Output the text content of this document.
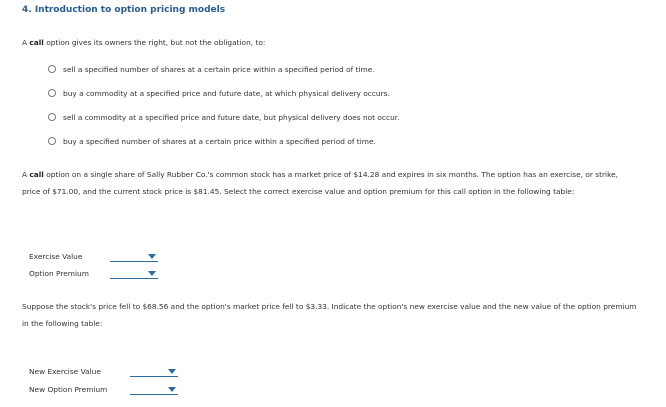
4. Introduction to option pricing models
A call option gives its owners the right, but not the obligation, to:
sell a specified number of shares at a certain price within a specified period of time.
buy a commodity at a specified price and future date, at which physical delivery occurs.
sell a commodity at a specified price and future date, but physical delivery does not occur.
buy a specified number of shares at a certain price within a specified period of time.
A call option on a single share of Sally Rubber Co.'s common stock has a market price of $14.28 and expires in six months. The option has an exercise, or strike, price of $71.00, and the current stock price is $81.45. Select the correct exercise value and option premium for this call option in the following table:
Exercise Value
Option Premium
Suppose the stock's price fell to $68.56 and the option's market price fell to $3.33. Indicate the option's new exercise value and the new value of the option premium in the following table:
New Exercise Value
New Option Premium
